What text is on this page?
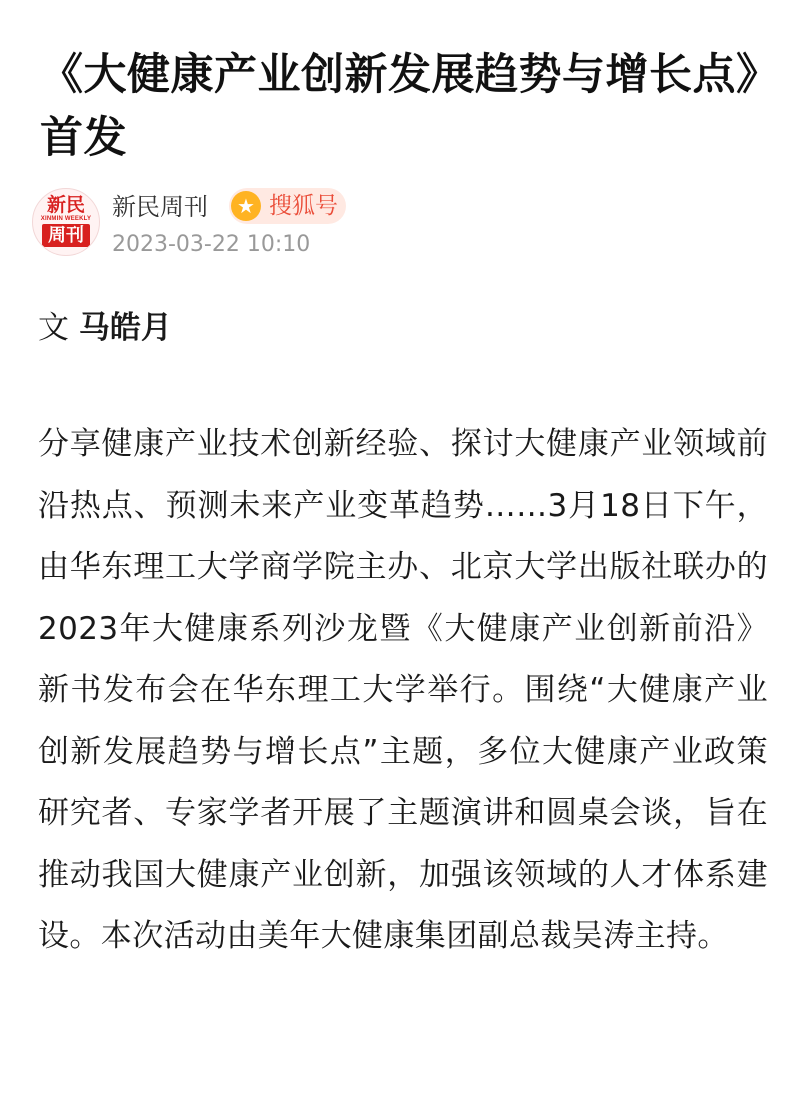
《大健康产业创新发展趋势与增长点》首发
新民
XINMIN WEEKLY
周刊
新民周刊	★ 搜狐号
2023-03-22 10:10

文 马皓月

分享健康产业技术创新经验、探讨大健康产业领域前沿热点、预测未来产业变革趋势……3月18日下午，由华东理工大学商学院主办、北京大学出版社联办的2023年大健康系列沙龙暨《大健康产业创新前沿》新书发布会在华东理工大学举行。围绕“大健康产业创新发展趋势与增长点”主题，多位大健康产业政策研究者、专家学者开展了主题演讲和圆桌会谈，旨在推动我国大健康产业创新，加强该领域的人才体系建设。本次活动由美年大健康集团副总裁吴涛主持。
